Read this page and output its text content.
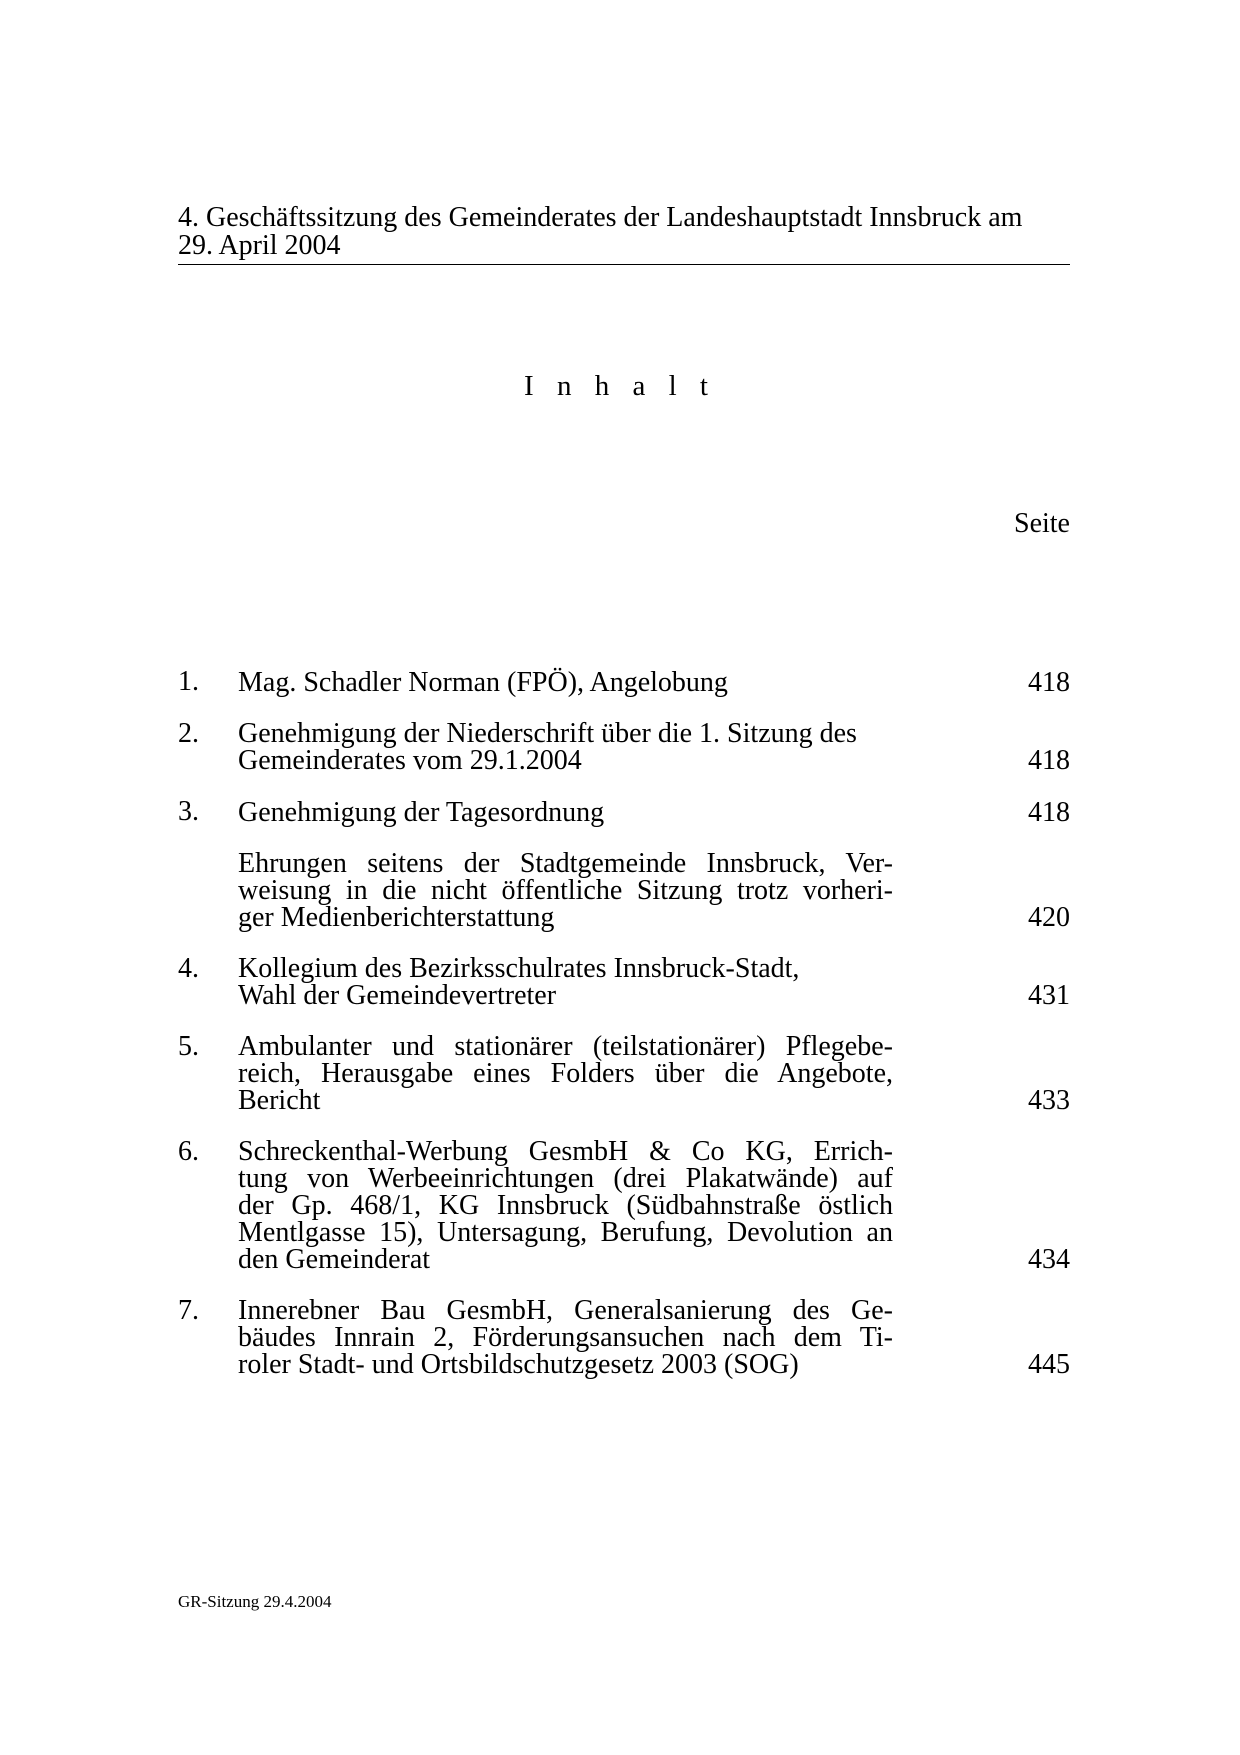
4. Geschäftssitzung des Gemeinderates der Landeshauptstadt Innsbruck am
29. April 2004
I n h a l t
Seite
1.	Mag. Schadler Norman (FPÖ), Angelobung	418
2.	Genehmigung der Niederschrift über die 1. Sitzung des
Gemeinderates vom 29.1.2004	418
3.	Genehmigung der Tagesordnung	418
Ehrungen seitens der Stadtgemeinde Innsbruck, Ver-
weisung in die nicht öffentliche Sitzung trotz vorheri-
ger Medienberichterstattung	420
4.	Kollegium des Bezirksschulrates Innsbruck-Stadt,
Wahl der Gemeindevertreter	431
5.	Ambulanter und stationärer (teilstationärer) Pflegebe-
reich, Herausgabe eines Folders über die Angebote,
Bericht	433
6.	Schreckenthal-Werbung GesmbH & Co KG, Errich-
tung von Werbeeinrichtungen (drei Plakatwände) auf
der Gp. 468/1, KG Innsbruck (Südbahnstraße östlich
Mentlgasse 15), Untersagung, Berufung, Devolution an
den Gemeinderat	434
7.	Innerebner Bau GesmbH, Generalsanierung des Ge-
bäudes Innrain 2, Förderungsansuchen nach dem Ti-
roler Stadt- und Ortsbildschutzgesetz 2003 (SOG)	445
GR-Sitzung 29.4.2004
